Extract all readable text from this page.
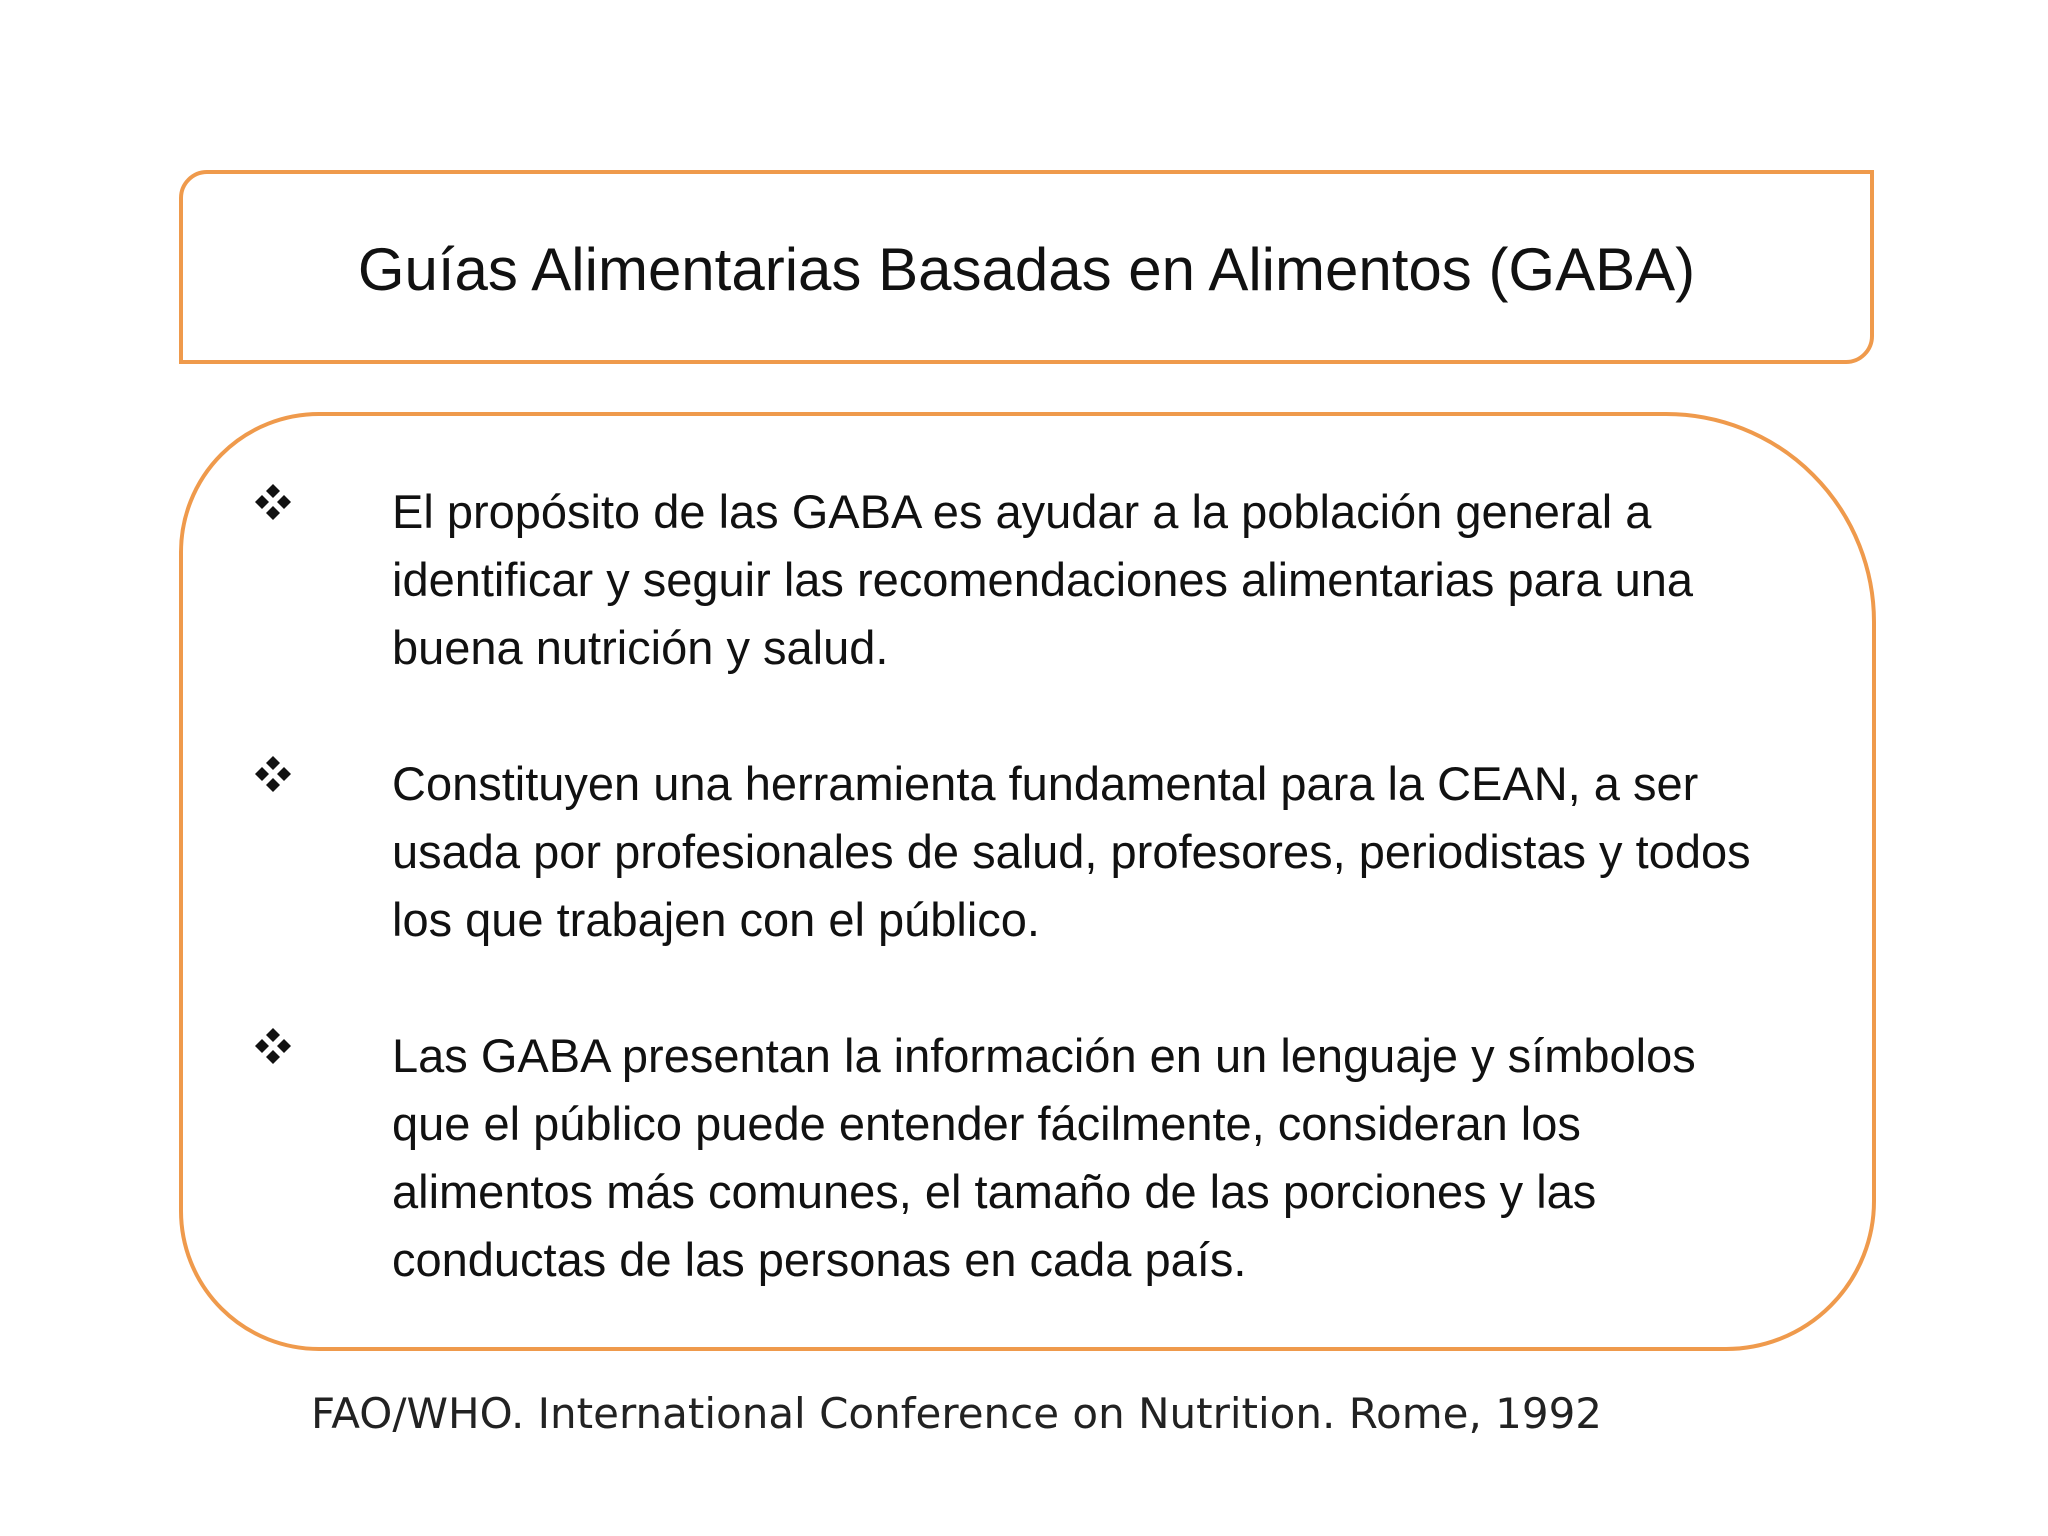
Guías Alimentarias Basadas en Alimentos (GABA)

El propósito de las GABA es ayudar a la población general a
identificar y seguir las recomendaciones alimentarias para una
buena nutrición y salud.

Constituyen una herramienta fundamental para la CEAN, a ser
usada por profesionales de salud, profesores, periodistas y todos
los que trabajen con el público.

Las GABA presentan la información en un lenguaje y símbolos
que el público puede entender fácilmente, consideran los
alimentos más comunes, el tamaño de las porciones y las
conductas de las personas en cada país.

FAO/WHO. International Conference on Nutrition. Rome, 1992
